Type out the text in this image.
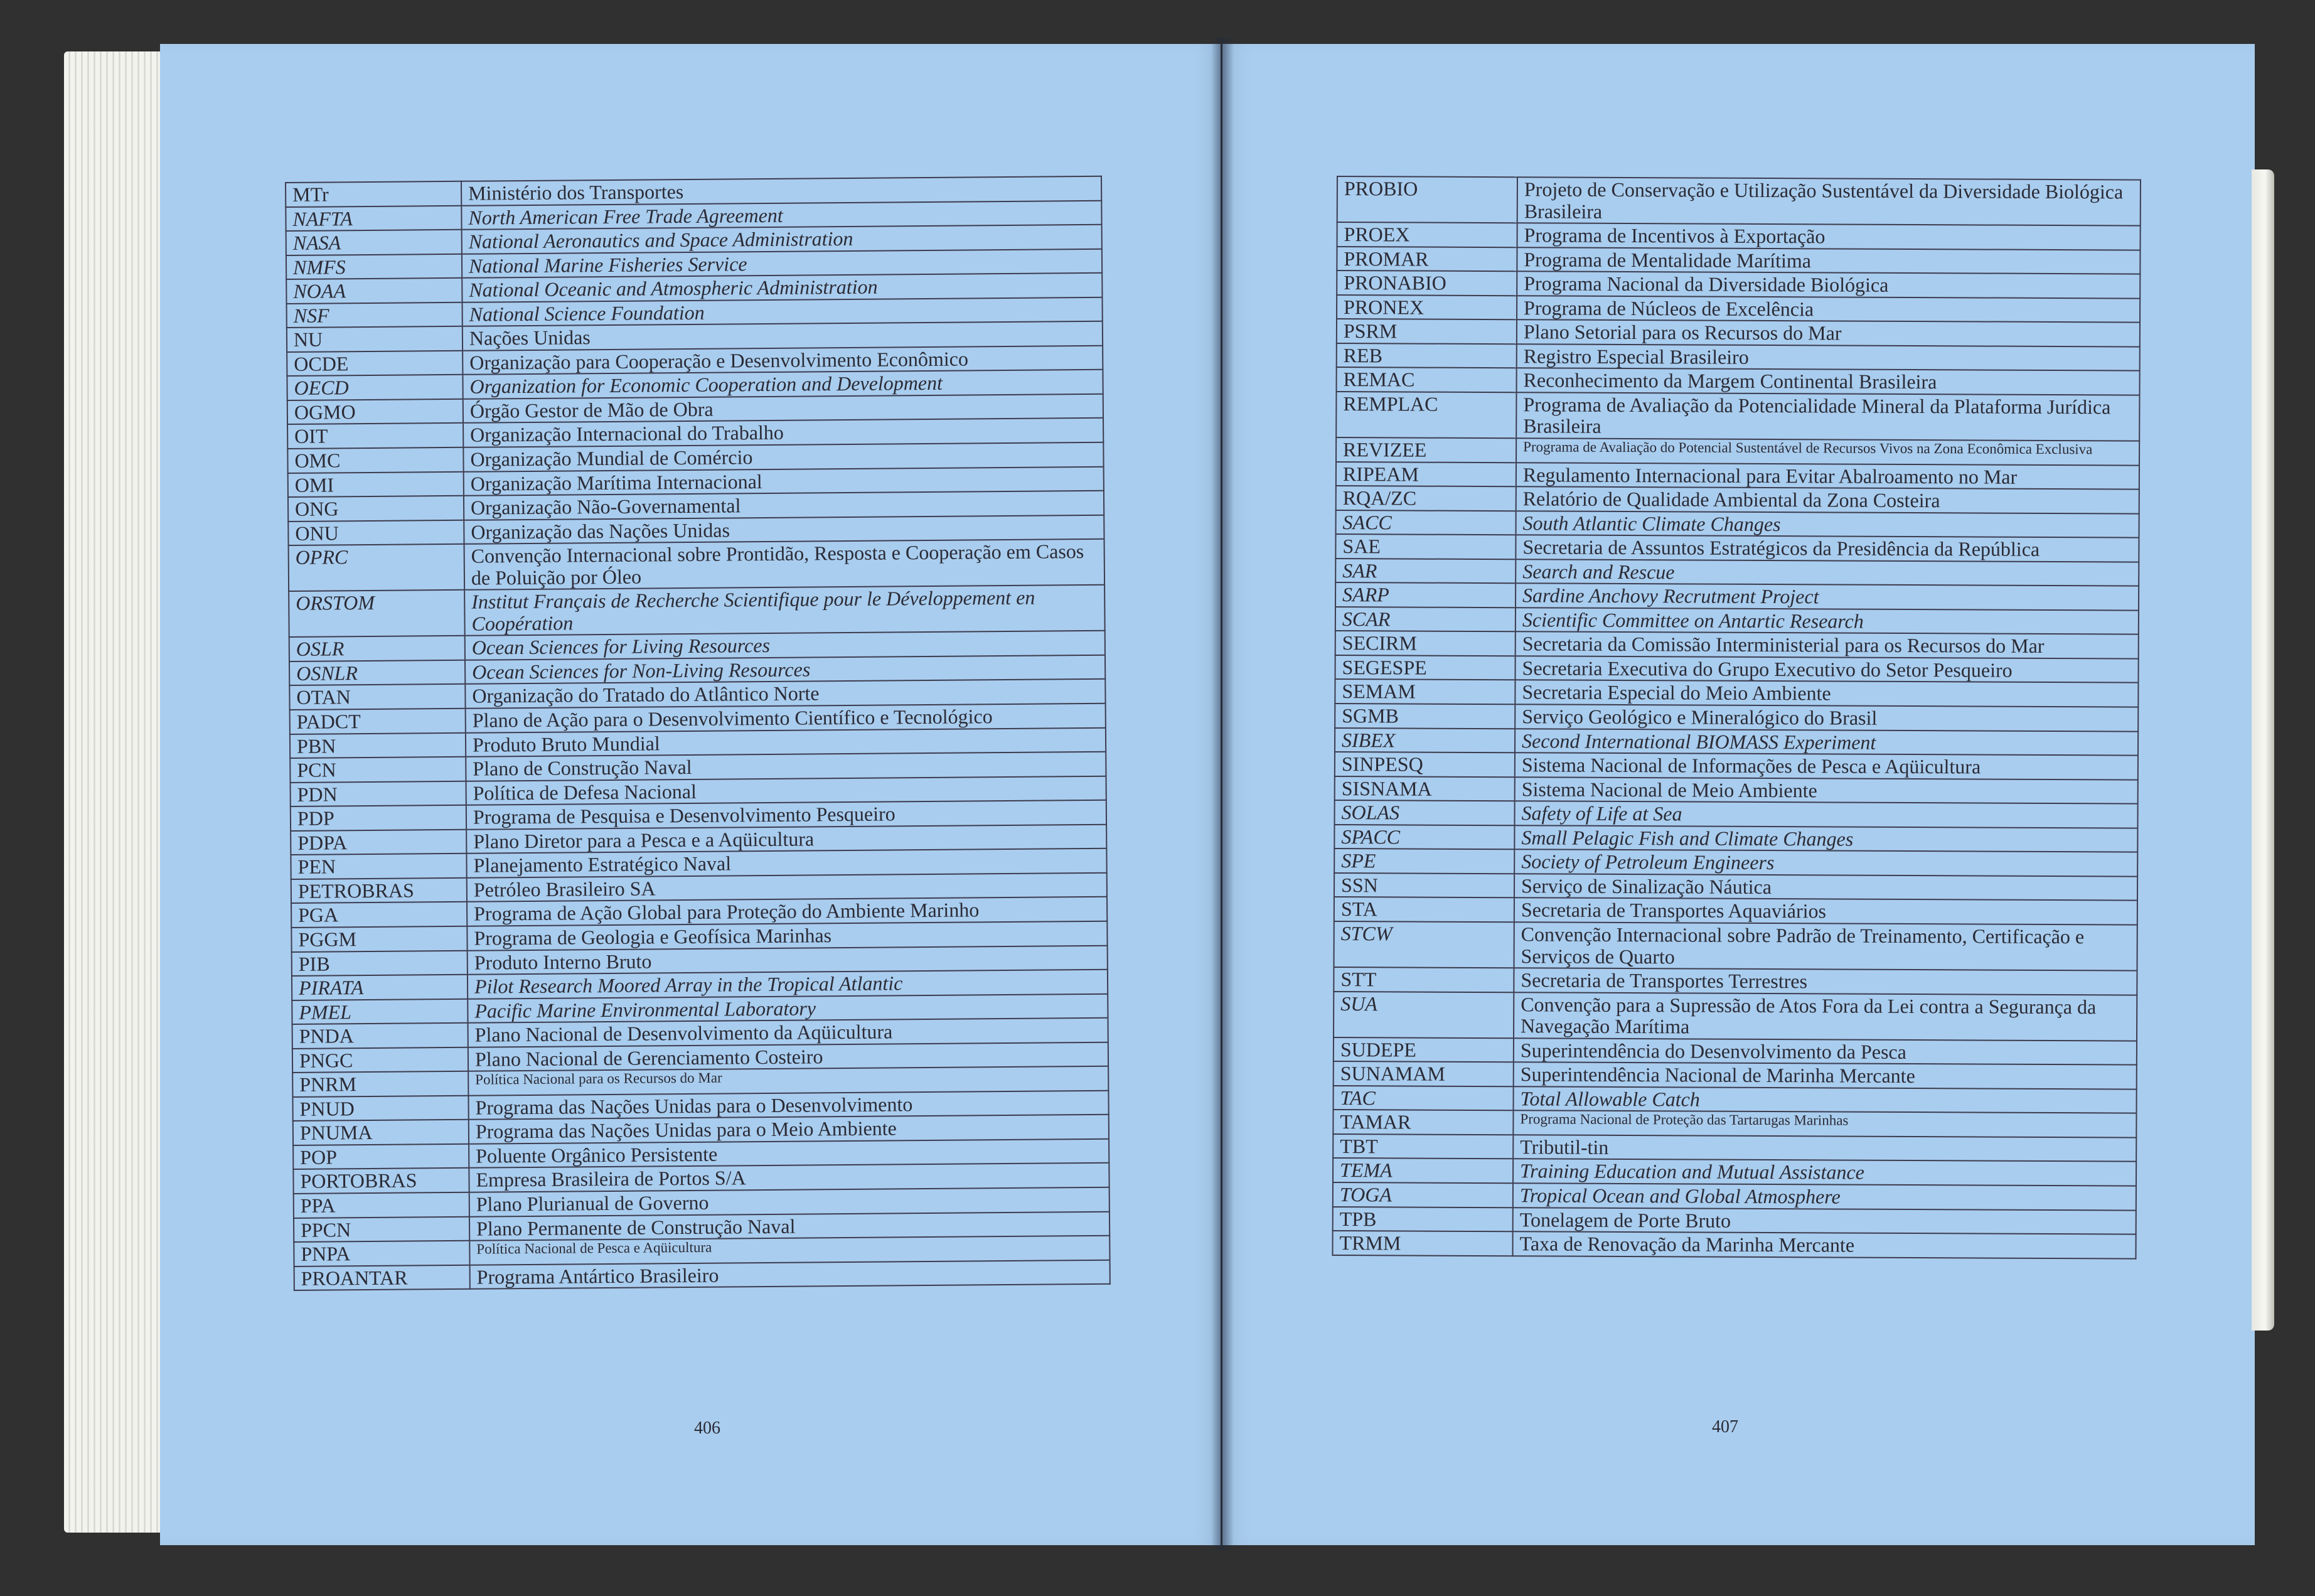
MTr	Ministério dos Transportes
NAFTA	North American Free Trade Agreement
NASA	National Aeronautics and Space Administration
NMFS	National Marine Fisheries Service
NOAA	National Oceanic and Atmospheric Administration
NSF	National Science Foundation
NU	Nações Unidas
OCDE	Organização para Cooperação e Desenvolvimento Econômico
OECD	Organization for Economic Cooperation and Development
OGMO	Órgão Gestor de Mão de Obra
OIT	Organização Internacional do Trabalho
OMC	Organização Mundial de Comércio
OMI	Organização Marítima Internacional
ONG	Organização Não-Governamental
ONU	Organização das Nações Unidas
OPRC	Convenção Internacional sobre Prontidão, Resposta e Cooperação em Casos de Poluição por Óleo
ORSTOM	Institut Français de Recherche Scientifique pour le Développement en Coopération
OSLR	Ocean Sciences for Living Resources
OSNLR	Ocean Sciences for Non-Living Resources
OTAN	Organização do Tratado do Atlântico Norte
PADCT	Plano de Ação para o Desenvolvimento Científico e Tecnológico
PBN	Produto Bruto Mundial
PCN	Plano de Construção Naval
PDN	Política de Defesa Nacional
PDP	Programa de Pesquisa e Desenvolvimento Pesqueiro
PDPA	Plano Diretor para a Pesca e a Aqüicultura
PEN	Planejamento Estratégico Naval
PETROBRAS	Petróleo Brasileiro SA
PGA	Programa de Ação Global para Proteção do Ambiente Marinho
PGGM	Programa de Geologia e Geofísica Marinhas
PIB	Produto Interno Bruto
PIRATA	Pilot Research Moored Array in the Tropical Atlantic
PMEL	Pacific Marine Environmental Laboratory
PNDA	Plano Nacional de Desenvolvimento da Aqüicultura
PNGC	Plano Nacional de Gerenciamento Costeiro
PNRM	Política Nacional para os Recursos do Mar
PNUD	Programa das Nações Unidas para o Desenvolvimento
PNUMA	Programa das Nações Unidas para o Meio Ambiente
POP	Poluente Orgânico Persistente
PORTOBRAS	Empresa Brasileira de Portos S/A
PPA	Plano Plurianual de Governo
PPCN	Plano Permanente de Construção Naval
PNPA	Política Nacional de Pesca e Aqüicultura
PROANTAR	Programa Antártico Brasileiro
PROBIO	Projeto de Conservação e Utilização Sustentável da Diversidade Biológica Brasileira
PROEX	Programa de Incentivos à Exportação
PROMAR	Programa de Mentalidade Marítima
PRONABIO	Programa Nacional da Diversidade Biológica
PRONEX	Programa de Núcleos de Excelência
PSRM	Plano Setorial para os Recursos do Mar
REB	Registro Especial Brasileiro
REMAC	Reconhecimento da Margem Continental Brasileira
REMPLAC	Programa de Avaliação da Potencialidade Mineral da Plataforma Jurídica Brasileira
REVIZEE	Programa de Avaliação do Potencial Sustentável de Recursos Vivos na Zona Econômica Exclusiva
RIPEAM	Regulamento Internacional para Evitar Abalroamento no Mar
RQA/ZC	Relatório de Qualidade Ambiental da Zona Costeira
SACC	South Atlantic Climate Changes
SAE	Secretaria de Assuntos Estratégicos da Presidência da República
SAR	Search and Rescue
SARP	Sardine Anchovy Recrutment Project
SCAR	Scientific Committee on Antartic Research
SECIRM	Secretaria da Comissão Interministerial para os Recursos do Mar
SEGESPE	Secretaria Executiva do Grupo Executivo do Setor Pesqueiro
SEMAM	Secretaria Especial do Meio Ambiente
SGMB	Serviço Geológico e Mineralógico do Brasil
SIBEX	Second International BIOMASS Experiment
SINPESQ	Sistema Nacional de Informações de Pesca e Aqüicultura
SISNAMA	Sistema Nacional de Meio Ambiente
SOLAS	Safety of Life at Sea
SPACC	Small Pelagic Fish and Climate Changes
SPE	Society of Petroleum Engineers
SSN	Serviço de Sinalização Náutica
STA	Secretaria de Transportes Aquaviários
STCW	Convenção Internacional sobre Padrão de Treinamento, Certificação e Serviços de Quarto
STT	Secretaria de Transportes Terrestres
SUA	Convenção para a Supressão de Atos Fora da Lei contra a Segurança da Navegação Marítima
SUDEPE	Superintendência do Desenvolvimento da Pesca
SUNAMAM	Superintendência Nacional de Marinha Mercante
TAC	Total Allowable Catch
TAMAR	Programa Nacional de Proteção das Tartarugas Marinhas
TBT	Tributil-tin
TEMA	Training Education and Mutual Assistance
TOGA	Tropical Ocean and Global Atmosphere
TPB	Tonelagem de Porte Bruto
TRMM	Taxa de Renovação da Marinha Mercante
406	407
